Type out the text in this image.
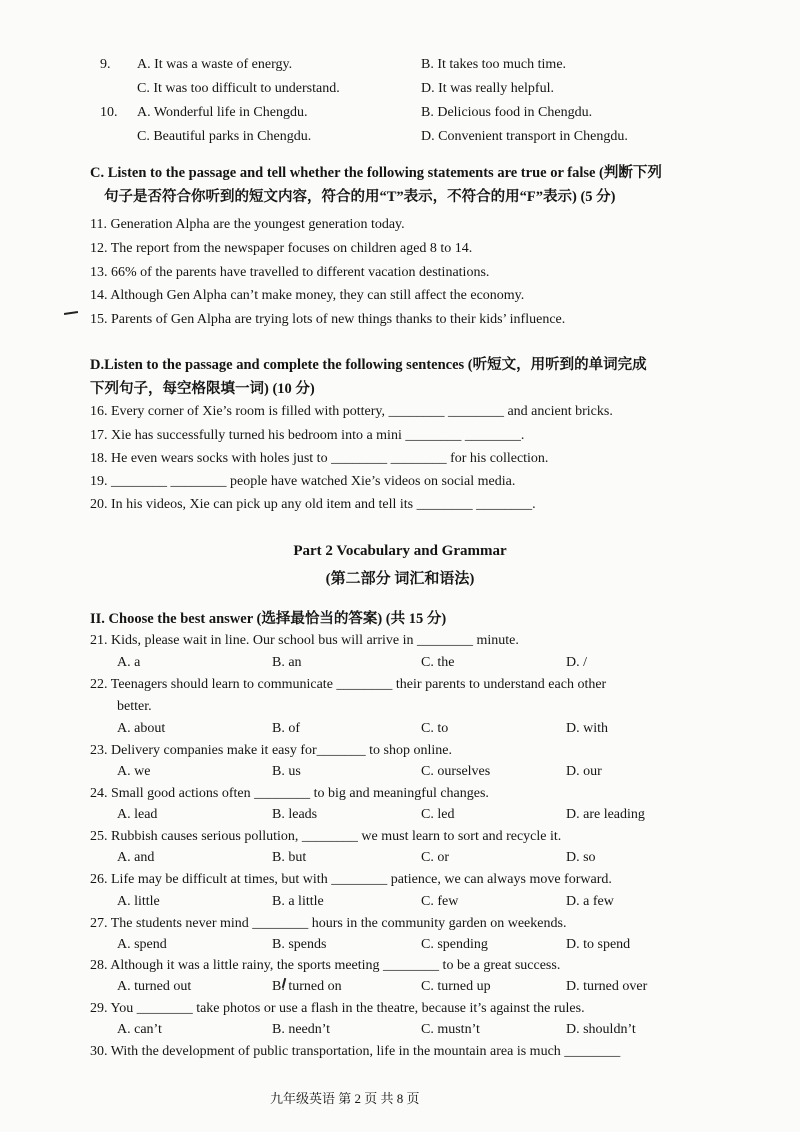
9. A. It was a waste of energy.	B. It takes too much time.
C. It was too difficult to understand.	D. It was really helpful.
10. A. Wonderful life in Chengdu.	B. Delicious food in Chengdu.
C. Beautiful parks in Chengdu.	D. Convenient transport in Chengdu.
C. Listen to the passage and tell whether the following statements are true or false (判断下列
句子是否符合你听到的短文内容，符合的用“T”表示，不符合的用“F”表示) (5 分)
11. Generation Alpha are the youngest generation today.
12. The report from the newspaper focuses on children aged 8 to 14.
13. 66% of the parents have travelled to different vacation destinations.
14. Although Gen Alpha can’t make money, they can still affect the economy.
15. Parents of Gen Alpha are trying lots of new things thanks to their kids’ influence.
D.Listen to the passage and complete the following sentences (听短文，用听到的单词完成
下列句子，每空格限填一词) (10 分)
16. Every corner of Xie’s room is filled with pottery, ________ ________ and ancient bricks.
17. Xie has successfully turned his bedroom into a mini ________ ________.
18. He even wears socks with holes just to ________ ________ for his collection.
19. ________ ________ people have watched Xie’s videos on social media.
20. In his videos, Xie can pick up any old item and tell its ________ ________.
Part 2 Vocabulary and Grammar
(第二部分 词汇和语法)
II. Choose the best answer (选择最恰当的答案) (共 15 分)
21. Kids, please wait in line. Our school bus will arrive in ________ minute.
A. a	B. an	C. the	D. /
22. Teenagers should learn to communicate ________ their parents to understand each other
better.
A. about	B. of	C. to	D. with
23. Delivery companies make it easy for_______ to shop online.
A. we	B. us	C. ourselves	D. our
24. Small good actions often ________ to big and meaningful changes.
A. lead	B. leads	C. led	D. are leading
25. Rubbish causes serious pollution, ________ we must learn to sort and recycle it.
A. and	B. but	C. or	D. so
26. Life may be difficult at times, but with ________ patience, we can always move forward.
A. little	B. a little	C. few	D. a few
27. The students never mind ________ hours in the community garden on weekends.
A. spend	B. spends	C. spending	D. to spend
28. Although it was a little rainy, the sports meeting ________ to be a great success.
A. turned out	B. turned on	C. turned up	D. turned over
29. You ________ take photos or use a flash in the theatre, because it’s against the rules.
A. can’t	B. needn’t	C. mustn’t	D. shouldn’t
30. With the development of public transportation, life in the mountain area is much ________
九年级英语 第 2 页 共 8 页
